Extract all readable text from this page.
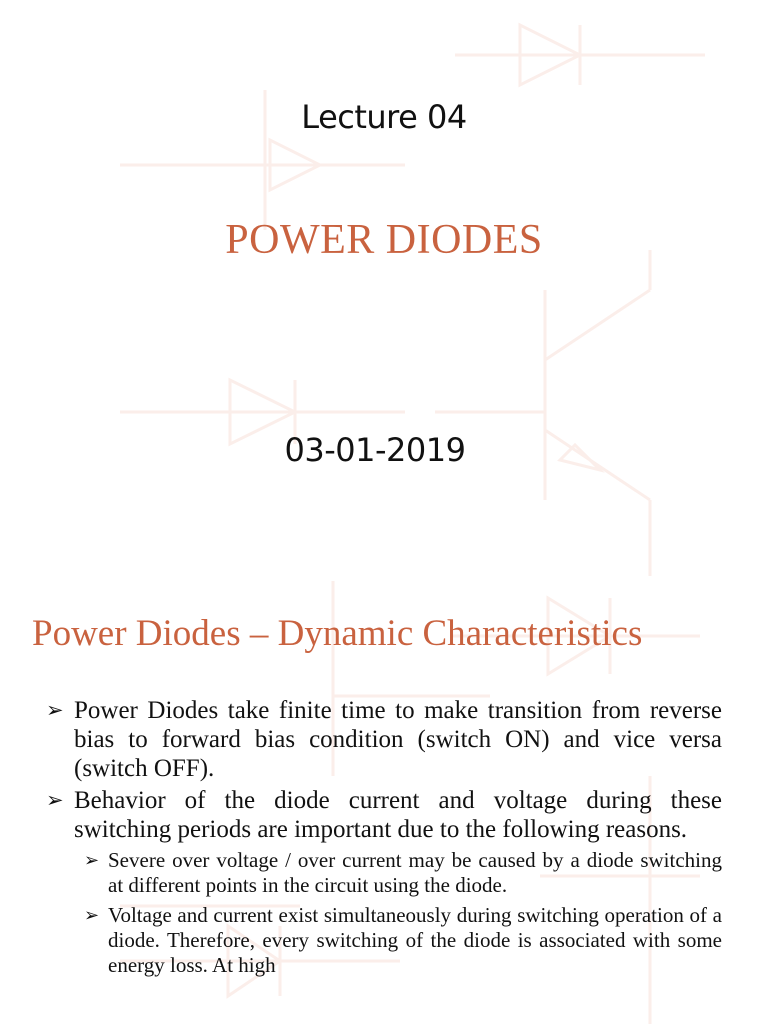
Lecture 04
POWER DIODES
03-01-2019
Power Diodes – Dynamic Characteristics
➢ Power Diodes take finite time to make transition from reverse bias to forward bias condition (switch ON) and vice versa (switch OFF).
➢ Behavior of the diode current and voltage during these switching periods are important due to the following reasons.
➢ Severe over voltage / over current may be caused by a diode switching at different points in the circuit using the diode.
➢ Voltage and current exist simultaneously during switching operation of a diode. Therefore, every switching of the diode is associated with some energy loss. At high
